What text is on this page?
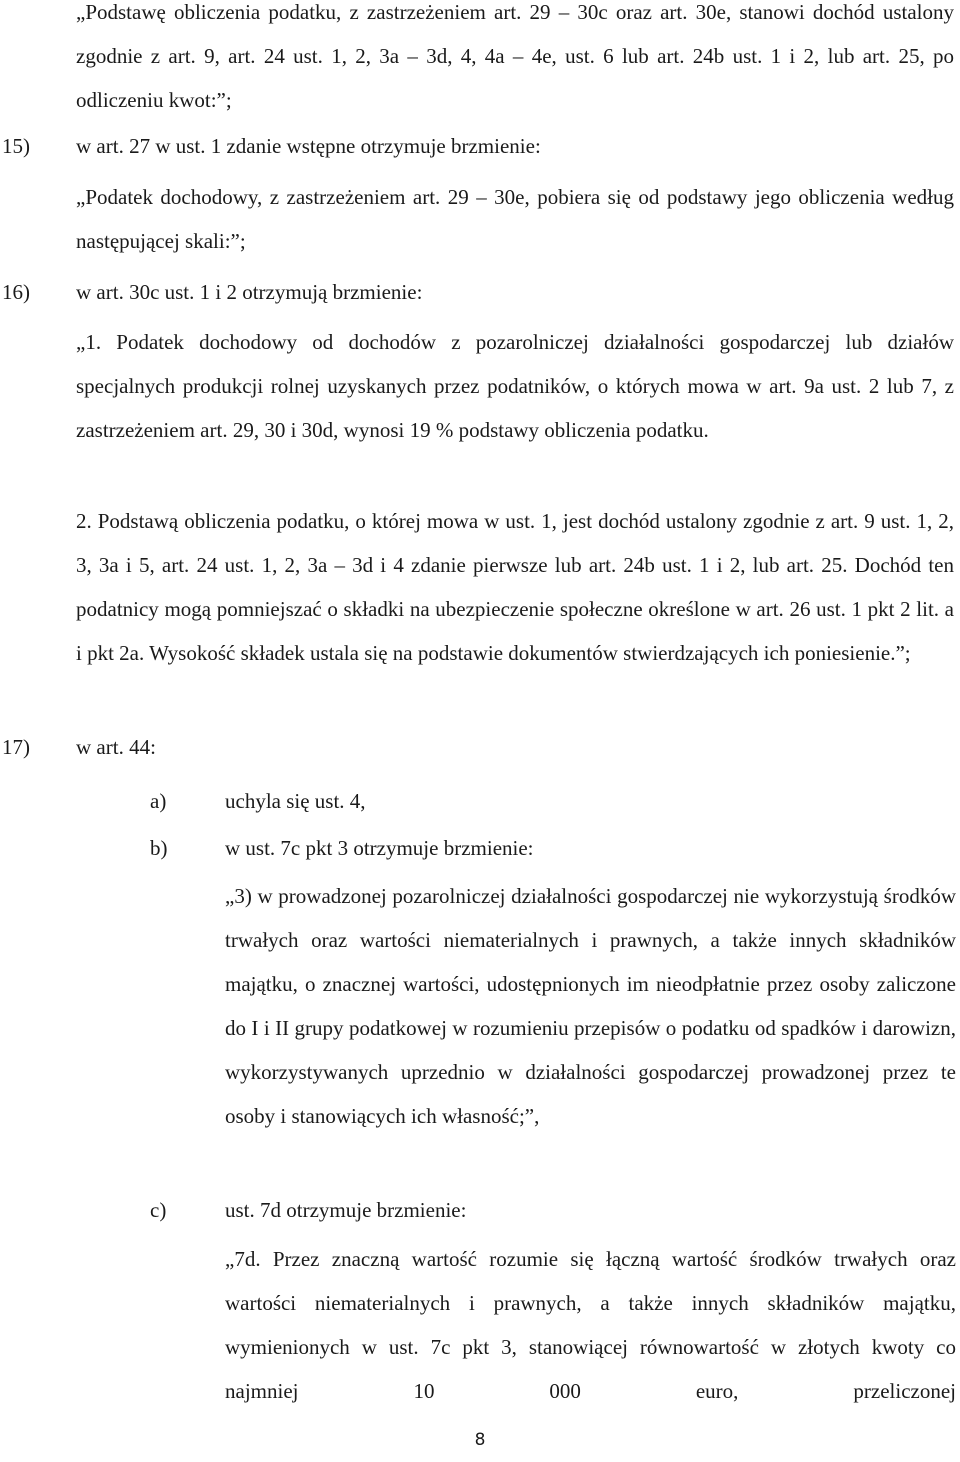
„Podstawę obliczenia podatku, z zastrzeżeniem art. 29 – 30c oraz art. 30e, stanowi dochód ustalony zgodnie z art. 9, art. 24 ust. 1, 2, 3a – 3d, 4, 4a – 4e, ust. 6 lub art. 24b ust. 1 i 2, lub art. 25, po odliczeniu kwot:”;

15) w art. 27 w ust. 1 zdanie wstępne otrzymuje brzmienie:

„Podatek dochodowy, z zastrzeżeniem art. 29 – 30e, pobiera się od podstawy jego obliczenia według następującej skali:”;

16) w art. 30c ust. 1 i 2 otrzymują brzmienie:

„1. Podatek dochodowy od dochodów z pozarolniczej działalności gospodarczej lub działów specjalnych produkcji rolnej uzyskanych przez podatników, o których mowa w art. 9a ust. 2 lub 7, z zastrzeżeniem art. 29, 30 i 30d, wynosi 19 % podstawy obliczenia podatku.

2. Podstawą obliczenia podatku, o której mowa w ust. 1, jest dochód ustalony zgodnie z art. 9 ust. 1, 2, 3, 3a i 5, art. 24 ust. 1, 2, 3a – 3d i 4 zdanie pierwsze lub art. 24b ust. 1 i 2, lub art. 25. Dochód ten podatnicy mogą pomniejszać o składki na ubezpieczenie społeczne określone w art. 26 ust. 1 pkt 2 lit. a i pkt 2a. Wysokość składek ustala się na podstawie dokumentów stwierdzających ich poniesienie.”;

17) w art. 44:
a)	uchyla się ust. 4,
b)	w ust. 7c pkt 3 otrzymuje brzmienie:

„3) w prowadzonej pozarolniczej działalności gospodarczej nie wykorzystują środków trwałych oraz wartości niematerialnych i prawnych, a także innych składników majątku, o znacznej wartości, udostępnionych im nieodpłatnie przez osoby zaliczone do I i II grupy podatkowej w rozumieniu przepisów o podatku od spadków i darowizn, wykorzystywanych uprzednio w działalności gospodarczej prowadzonej przez te osoby i stanowiących ich własność;”,

c)	ust. 7d otrzymuje brzmienie:

„7d. Przez znaczną wartość rozumie się łączną wartość środków trwałych oraz wartości niematerialnych i prawnych, a także innych składników majątku, wymienionych w ust. 7c pkt 3, stanowiącej równowartość w złotych kwoty co najmniej 10 000 euro, przeliczonej

8
